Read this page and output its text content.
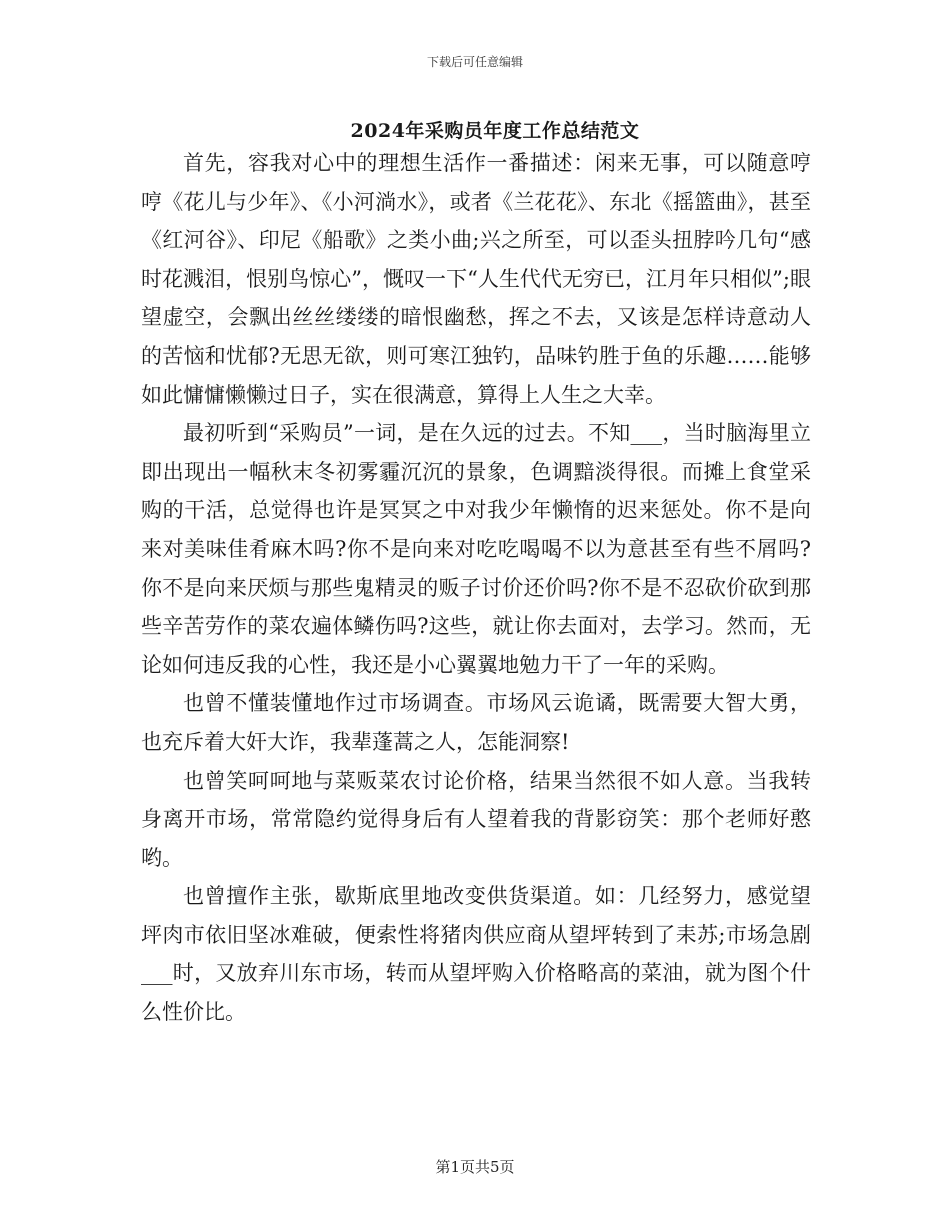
下载后可任意编辑
2024年采购员年度工作总结范文

首先，容我对心中的理想生活作一番描述：闲来无事，可以随意哼哼《花儿与少年》、《小河淌水》，或者《兰花花》、东北《摇篮曲》，甚至《红河谷》、印尼《船歌》之类小曲;兴之所至，可以歪头扭脖吟几句“感时花溅泪，恨别鸟惊心”，慨叹一下“人生代代无穷已，江月年只相似”;眼望虚空，会飘出丝丝缕缕的暗恨幽愁，挥之不去，又该是怎样诗意动人的苦恼和忧郁?无思无欲，则可寒江独钓，品味钓胜于鱼的乐趣……能够如此慵慵懒懒过日子，实在很满意，算得上人生之大幸。

最初听到“采购员”一词，是在久远的过去。不知___，当时脑海里立即出现出一幅秋末冬初雾霾沉沉的景象，色调黯淡得很。而摊上食堂采购的干活，总觉得也许是冥冥之中对我少年懒惰的迟来惩处。你不是向来对美味佳肴麻木吗?你不是向来对吃吃喝喝不以为意甚至有些不屑吗?你不是向来厌烦与那些鬼精灵的贩子讨价还价吗?你不是不忍砍价砍到那些辛苦劳作的菜农遍体鳞伤吗?这些，就让你去面对，去学习。然而，无论如何违反我的心性，我还是小心翼翼地勉力干了一年的采购。

也曾不懂装懂地作过市场调查。市场风云诡谲，既需要大智大勇，也充斥着大奸大诈，我辈蓬蒿之人，怎能洞察!

也曾笑呵呵地与菜贩菜农讨论价格，结果当然很不如人意。当我转身离开市场，常常隐约觉得身后有人望着我的背影窃笑：那个老师好憨哟。

也曾擅作主张，歇斯底里地改变供货渠道。如：几经努力，感觉望坪肉市依旧坚冰难破，便索性将猪肉供应商从望坪转到了耒苏;市场急剧___时，又放弃川东市场，转而从望坪购入价格略高的菜油，就为图个什么性价比。

第1页共5页
